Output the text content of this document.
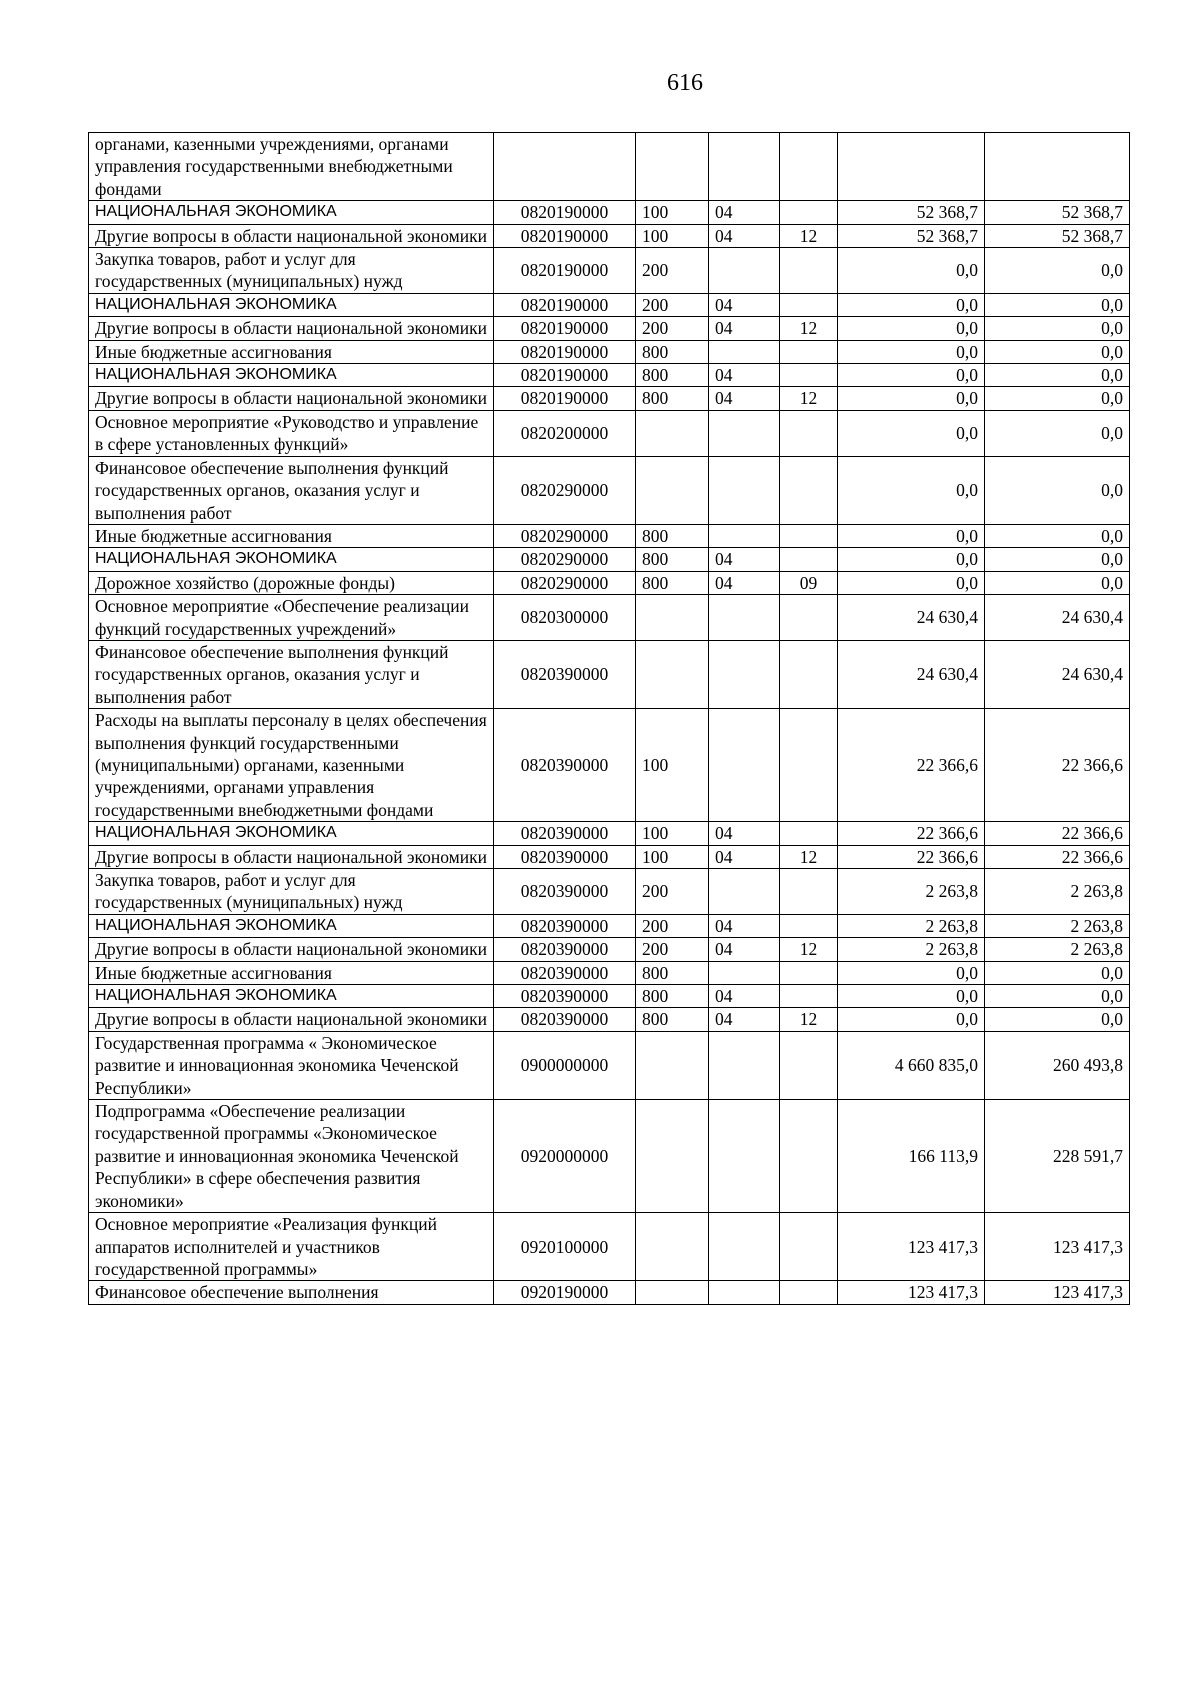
616
органами, казенными учреждениями, органами управления государственными внебюджетными фондами						
НАЦИОНАЛЬНАЯ ЭКОНОМИКА	0820190000	100	04		52 368,7	52 368,7
Другие вопросы в области национальной экономики	0820190000	100	04	12	52 368,7	52 368,7
Закупка товаров, работ и услуг для государственных (муниципальных) нужд	0820190000	200			0,0	0,0
НАЦИОНАЛЬНАЯ ЭКОНОМИКА	0820190000	200	04		0,0	0,0
Другие вопросы в области национальной экономики	0820190000	200	04	12	0,0	0,0
Иные бюджетные ассигнования	0820190000	800			0,0	0,0
НАЦИОНАЛЬНАЯ ЭКОНОМИКА	0820190000	800	04		0,0	0,0
Другие вопросы в области национальной экономики	0820190000	800	04	12	0,0	0,0
Основное мероприятие «Руководство и управление в сфере установленных функций»	0820200000				0,0	0,0
Финансовое обеспечение выполнения функций государственных органов, оказания услуг и выполнения работ	0820290000				0,0	0,0
Иные бюджетные ассигнования	0820290000	800			0,0	0,0
НАЦИОНАЛЬНАЯ ЭКОНОМИКА	0820290000	800	04		0,0	0,0
Дорожное хозяйство (дорожные фонды)	0820290000	800	04	09	0,0	0,0
Основное мероприятие «Обеспечение реализации функций государственных учреждений»	0820300000				24 630,4	24 630,4
Финансовое обеспечение выполнения функций государственных органов, оказания услуг и выполнения работ	0820390000				24 630,4	24 630,4
Расходы на выплаты персоналу в целях обеспечения выполнения функций государственными (муниципальными) органами, казенными учреждениями, органами управления государственными внебюджетными фондами	0820390000	100			22 366,6	22 366,6
НАЦИОНАЛЬНАЯ ЭКОНОМИКА	0820390000	100	04		22 366,6	22 366,6
Другие вопросы в области национальной экономики	0820390000	100	04	12	22 366,6	22 366,6
Закупка товаров, работ и услуг для государственных (муниципальных) нужд	0820390000	200			2 263,8	2 263,8
НАЦИОНАЛЬНАЯ ЭКОНОМИКА	0820390000	200	04		2 263,8	2 263,8
Другие вопросы в области национальной экономики	0820390000	200	04	12	2 263,8	2 263,8
Иные бюджетные ассигнования	0820390000	800			0,0	0,0
НАЦИОНАЛЬНАЯ ЭКОНОМИКА	0820390000	800	04		0,0	0,0
Другие вопросы в области национальной экономики	0820390000	800	04	12	0,0	0,0
Государственная программа « Экономическое развитие и инновационная экономика Чеченской Республики»	0900000000				4 660 835,0	260 493,8
Подпрограмма «Обеспечение реализации государственной программы «Экономическое развитие и инновационная экономика Чеченской Республики» в сфере обеспечения развития экономики»	0920000000				166 113,9	228 591,7
Основное мероприятие «Реализация функций аппаратов исполнителей и участников государственной программы»	0920100000				123 417,3	123 417,3
Финансовое обеспечение выполнения	0920190000				123 417,3	123 417,3
